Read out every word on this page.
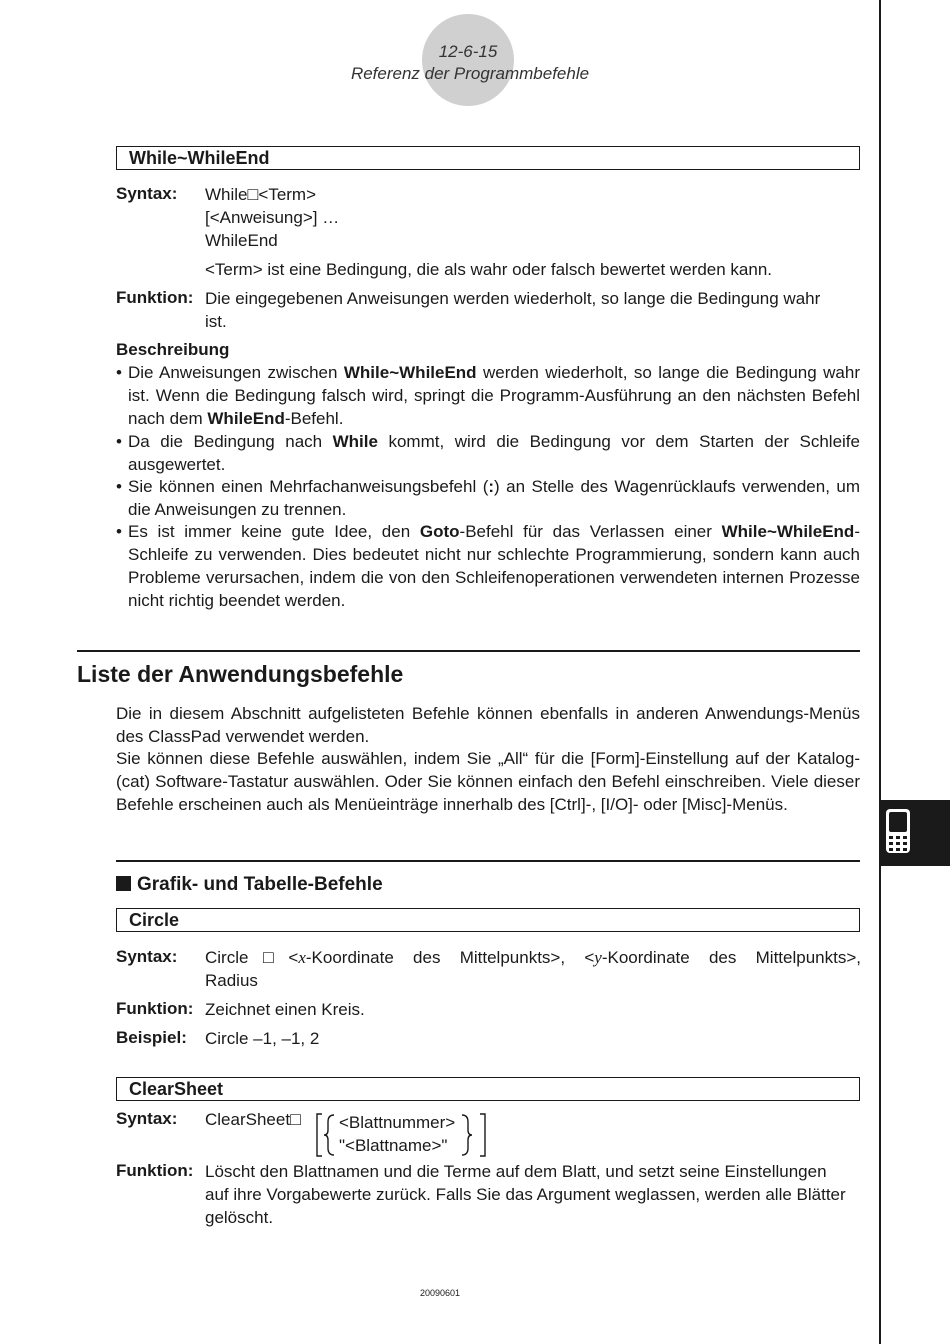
12-6-15
Referenz der Programmbefehle
While~WhileEnd
Syntax: While□<Term>
[<Anweisung>] …
WhileEnd
<Term> ist eine Bedingung, die als wahr oder falsch bewertet werden kann.
Funktion: Die eingegebenen Anweisungen werden wiederholt, so lange die Bedingung wahr
ist.
Beschreibung
• Die Anweisungen zwischen While~WhileEnd werden wiederholt, so lange die Bedingung wahr ist. Wenn die Bedingung falsch wird, springt die Programm-Ausführung an den nächsten Befehl nach dem WhileEnd-Befehl.
• Da die Bedingung nach While kommt, wird die Bedingung vor dem Starten der Schleife ausgewertet.
• Sie können einen Mehrfachanweisungsbefehl (:) an Stelle des Wagenrücklaufs verwenden, um die Anweisungen zu trennen.
• Es ist immer keine gute Idee, den Goto-Befehl für das Verlassen einer While~WhileEnd-Schleife zu verwenden. Dies bedeutet nicht nur schlechte Programmierung, sondern kann auch Probleme verursachen, indem die von den Schleifenoperationen verwendeten internen Prozesse nicht richtig beendet werden.
Liste der Anwendungsbefehle
Die in diesem Abschnitt aufgelisteten Befehle können ebenfalls in anderen Anwendungs-Menüs des ClassPad verwendet werden.
Sie können diese Befehle auswählen, indem Sie „All“ für die [Form]-Einstellung auf der Katalog- (cat) Software-Tastatur auswählen. Oder Sie können einfach den Befehl einschreiben. Viele dieser Befehle erscheinen auch als Menüeinträge innerhalb des [Ctrl]-, [I/O]- oder [Misc]-Menüs.
Grafik- und Tabelle-Befehle
Circle
Syntax: Circle□<x-Koordinate des Mittelpunkts>, <y-Koordinate des Mittelpunkts>,
Radius
Funktion: Zeichnet einen Kreis.
Beispiel: Circle –1, –1, 2
ClearSheet
Syntax: ClearSheet□ <Blattnummer>
"<Blattname>"
Funktion: Löscht den Blattnamen und die Terme auf dem Blatt, und setzt seine Einstellungen
auf ihre Vorgabewerte zurück. Falls Sie das Argument weglassen, werden alle Blätter
gelöscht.
20090601
